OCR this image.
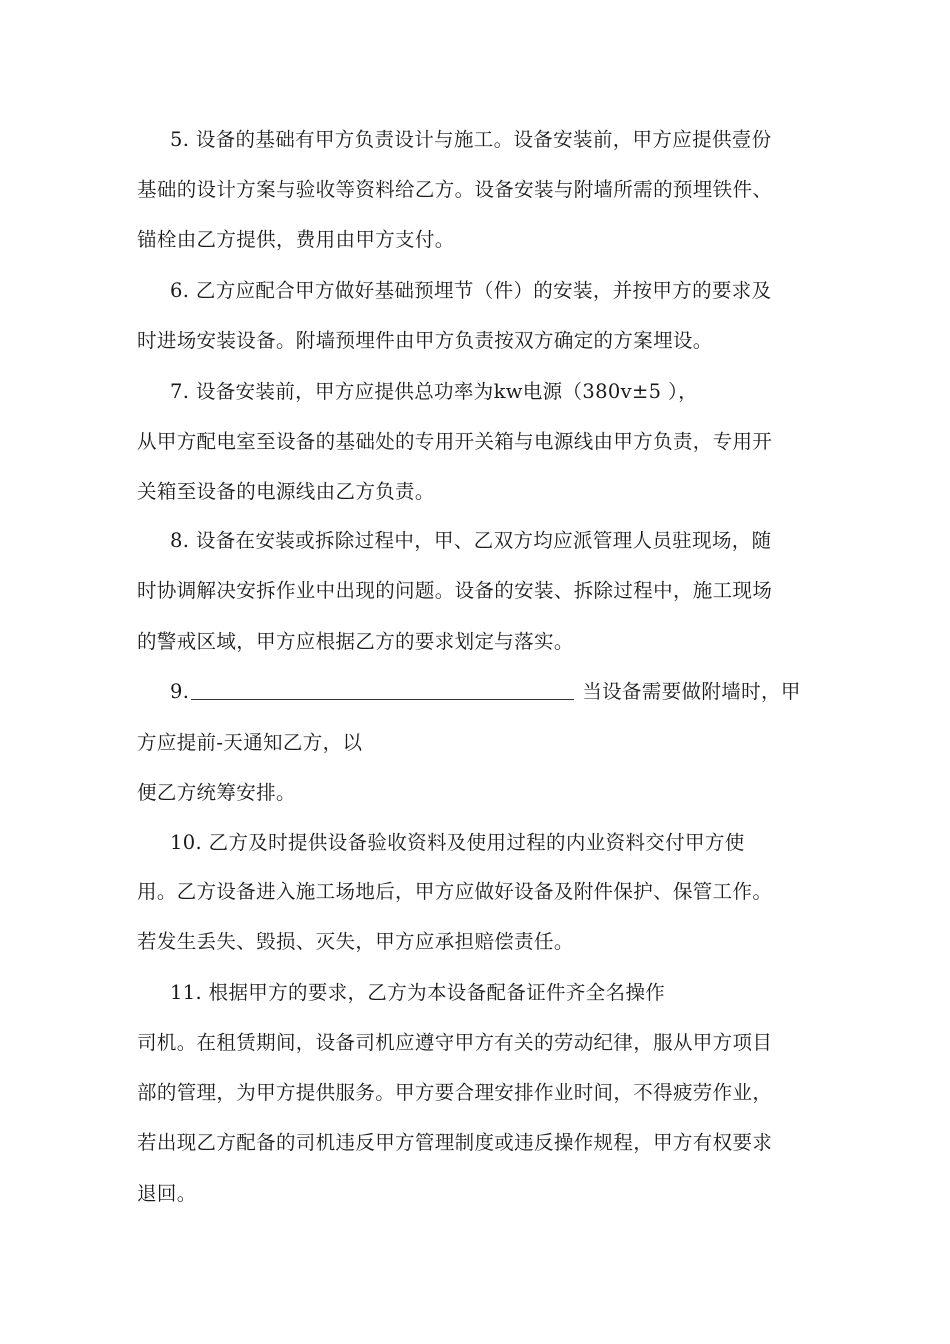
5. 设备的基础有甲方负责设计与施工。设备安装前，甲方应提供壹份
基础的设计方案与验收等资料给乙方。设备安装与附墙所需的预埋铁件、
锚栓由乙方提供，费用由甲方支付。
6. 乙方应配合甲方做好基础预埋节（件）的安装，并按甲方的要求及
时进场安装设备。附墙预埋件由甲方负责按双方确定的方案埋设。
7. 设备安装前，甲方应提供总功率为kw电源（380v±5 ），
从甲方配电室至设备的基础处的专用开关箱与电源线由甲方负责，专用开
关箱至设备的电源线由乙方负责。
8. 设备在安装或拆除过程中，甲、乙双方均应派管理人员驻现场，随
时协调解决安拆作业中出现的问题。设备的安装、拆除过程中，施工现场
的警戒区域，甲方应根据乙方的要求划定与落实。
9.	当设备需要做附墙时，甲
方应提前-天通知乙方，以
便乙方统筹安排。
10. 乙方及时提供设备验收资料及使用过程的内业资料交付甲方使
用。乙方设备进入施工场地后，甲方应做好设备及附件保护、保管工作。
若发生丢失、毁损、灭失，甲方应承担赔偿责任。
11. 根据甲方的要求，乙方为本设备配备证件齐全名操作
司机。在租赁期间，设备司机应遵守甲方有关的劳动纪律，服从甲方项目
部的管理，为甲方提供服务。甲方要合理安排作业时间，不得疲劳作业，
若出现乙方配备的司机违反甲方管理制度或违反操作规程，甲方有权要求
退回。
